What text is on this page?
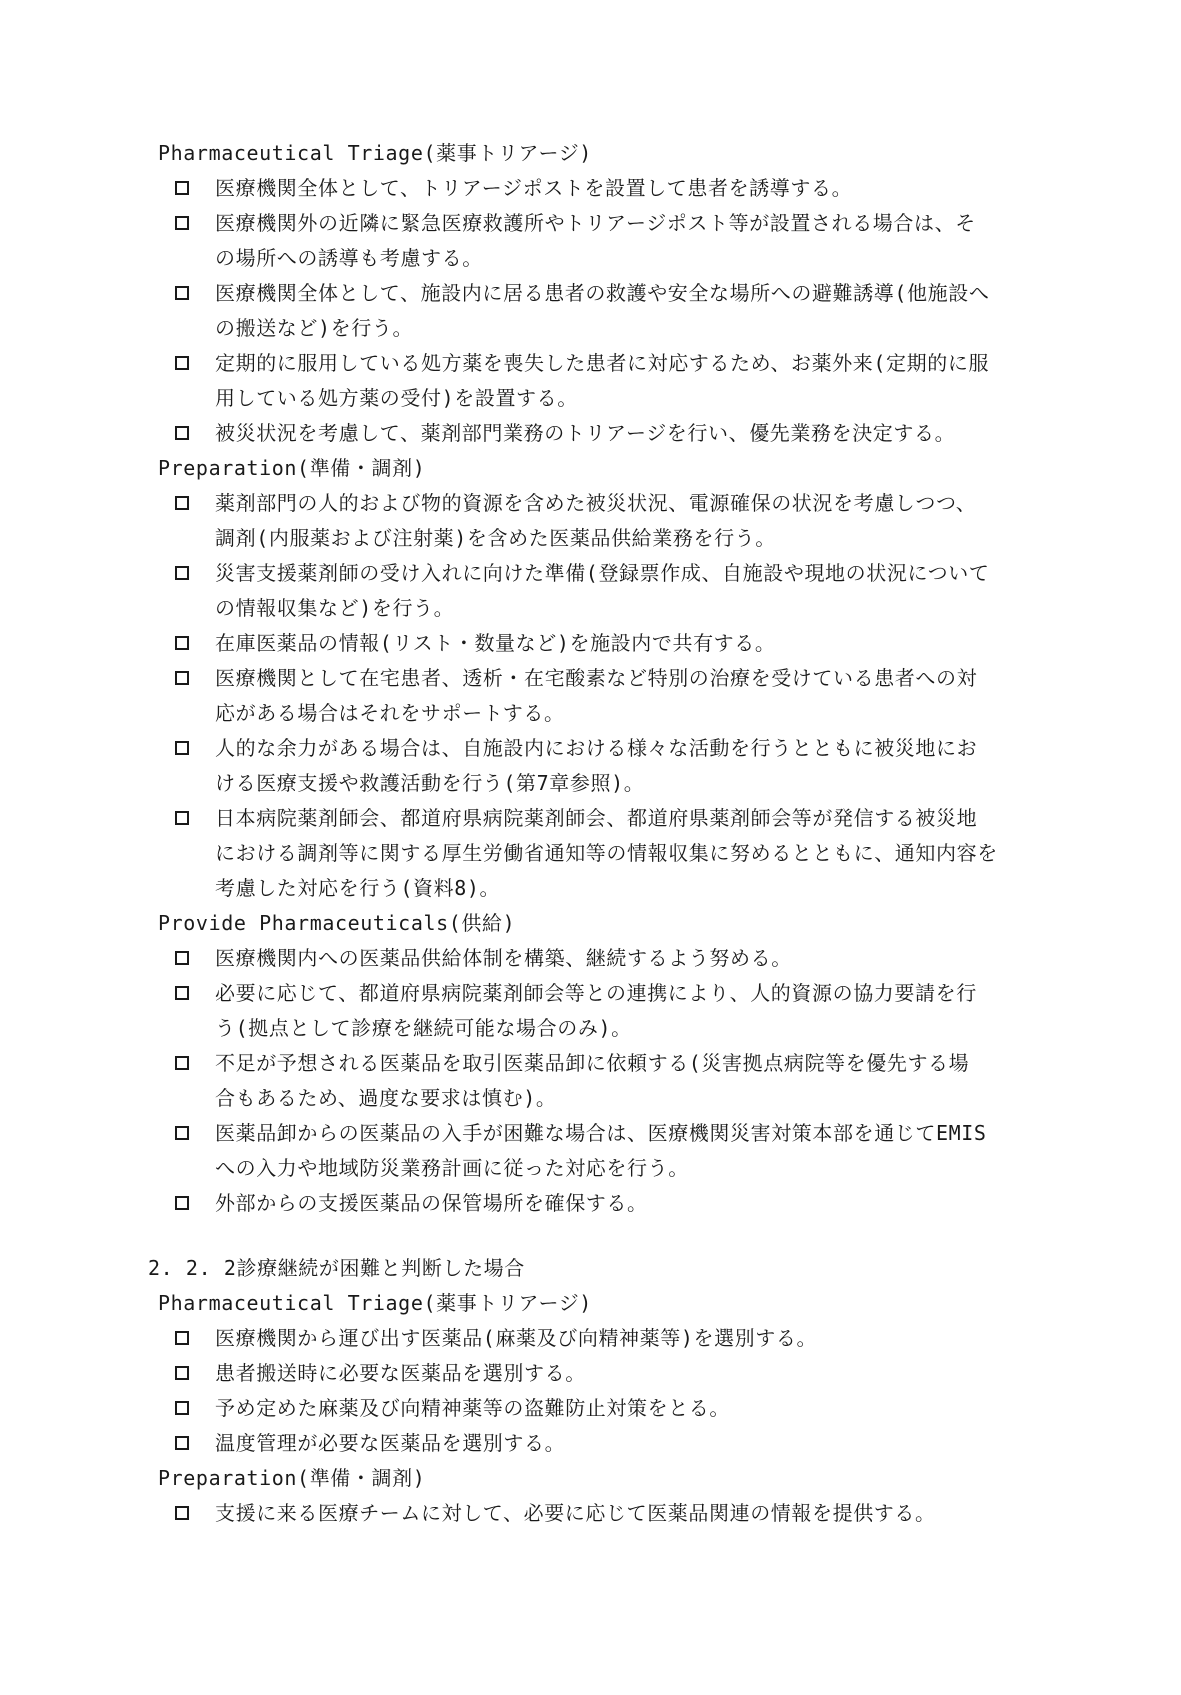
Pharmaceutical Triage(薬事トリアージ)
医療機関全体として、トリアージポストを設置して患者を誘導する。
医療機関外の近隣に緊急医療救護所やトリアージポスト等が設置される場合は、そ
の場所への誘導も考慮する。
医療機関全体として、施設内に居る患者の救護や安全な場所への避難誘導(他施設へ
の搬送など)を行う。
定期的に服用している処方薬を喪失した患者に対応するため、お薬外来(定期的に服
用している処方薬の受付)を設置する。
被災状況を考慮して、薬剤部門業務のトリアージを行い、優先業務を決定する。
Preparation(準備・調剤)
薬剤部門の人的および物的資源を含めた被災状況、電源確保の状況を考慮しつつ、
調剤(内服薬および注射薬)を含めた医薬品供給業務を行う。
災害支援薬剤師の受け入れに向けた準備(登録票作成、自施設や現地の状況について
の情報収集など)を行う。
在庫医薬品の情報(リスト・数量など)を施設内で共有する。
医療機関として在宅患者、透析・在宅酸素など特別の治療を受けている患者への対
応がある場合はそれをサポートする。
人的な余力がある場合は、自施設内における様々な活動を行うとともに被災地にお
ける医療支援や救護活動を行う(第7章参照)。
日本病院薬剤師会、都道府県病院薬剤師会、都道府県薬剤師会等が発信する被災地
における調剤等に関する厚生労働省通知等の情報収集に努めるとともに、通知内容を
考慮した対応を行う(資料8)。
Provide Pharmaceuticals(供給)
医療機関内への医薬品供給体制を構築、継続するよう努める。
必要に応じて、都道府県病院薬剤師会等との連携により、人的資源の協力要請を行
う(拠点として診療を継続可能な場合のみ)。
不足が予想される医薬品を取引医薬品卸に依頼する(災害拠点病院等を優先する場
合もあるため、過度な要求は慎む)。
医薬品卸からの医薬品の入手が困難な場合は、医療機関災害対策本部を通じてEMIS
への入力や地域防災業務計画に従った対応を行う。
外部からの支援医薬品の保管場所を確保する。
2. 2. 2診療継続が困難と判断した場合
Pharmaceutical Triage(薬事トリアージ)
医療機関から運び出す医薬品(麻薬及び向精神薬等)を選別する。
患者搬送時に必要な医薬品を選別する。
予め定めた麻薬及び向精神薬等の盗難防止対策をとる。
温度管理が必要な医薬品を選別する。
Preparation(準備・調剤)
支援に来る医療チームに対して、必要に応じて医薬品関連の情報を提供する。
